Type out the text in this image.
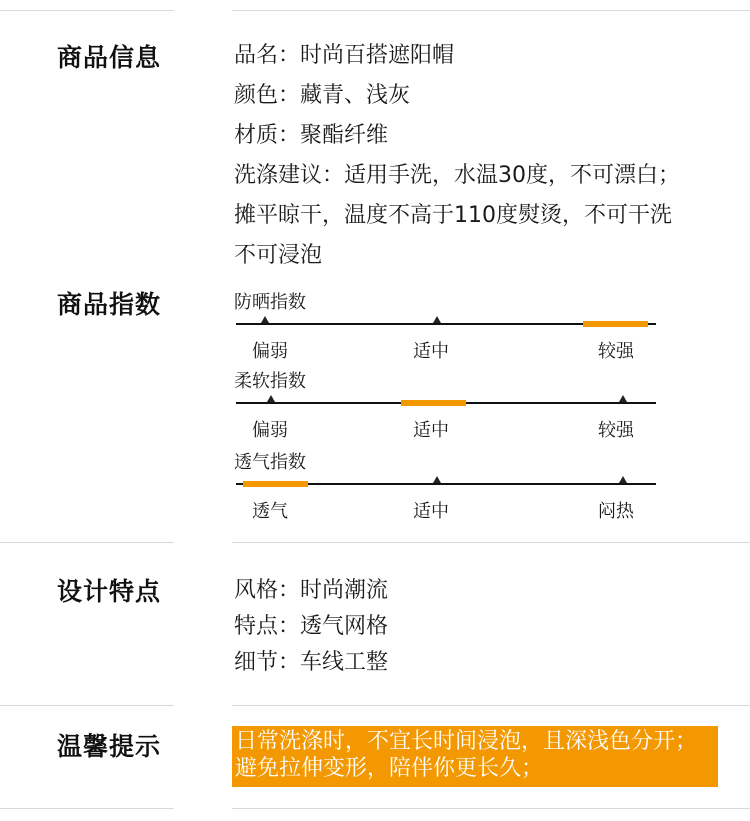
商品信息	品名：时尚百搭遮阳帽
颜色：藏青、浅灰
材质：聚酯纤维
洗涤建议：适用手洗，水温30度，不可漂白；
摊平晾干，温度不高于110度熨烫，不可干洗
不可浸泡
商品指数	防晒指数
偏弱	适中	较强
柔软指数
偏弱	适中	较强
透气指数
透气	适中	闷热
设计特点	风格：时尚潮流
特点：透气网格
细节：车线工整
温馨提示	日常洗涤时，不宜长时间浸泡，且深浅色分开；
避免拉伸变形，陪伴你更长久；
